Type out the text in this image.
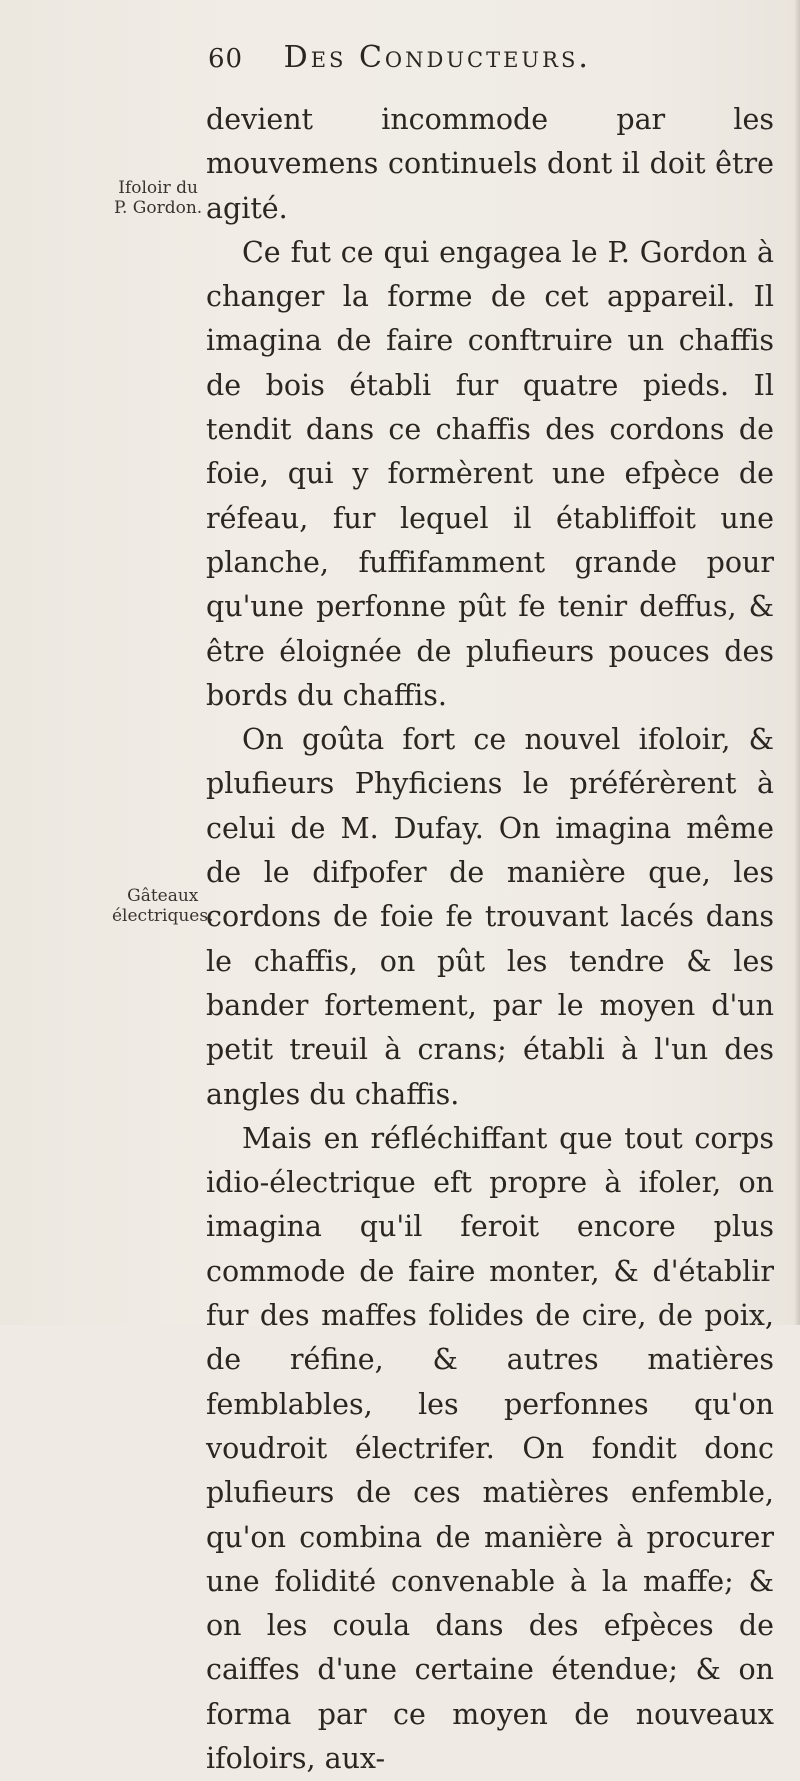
60 Des Conducteurs.
Ifoloir du
P. Gordon.
Gâteaux
électriques.

devient incommode par les mouvemens continuels dont il doit être agité.

Ce fut ce qui engagea le P. Gordon à changer la forme de cet appareil. Il imagina de faire conftruire un chaffis de bois établi fur quatre pieds. Il tendit dans ce chaffis des cordons de foie, qui y formèrent une efpèce de réfeau, fur lequel il établiffoit une planche, fuffifamment grande pour qu'une perfonne pût fe tenir deffus, & être éloignée de plufieurs pouces des bords du chaffis.

On goûta fort ce nouvel ifoloir, & plufieurs Phyficiens le préférèrent à celui de M. Dufay. On imagina même de le difpofer de manière que, les cordons de foie fe trouvant lacés dans le chaffis, on pût les tendre & les bander fortement, par le moyen d'un petit treuil à crans; établi à l'un des angles du chaffis.

Mais en réfléchiffant que tout corps idio-électrique eft propre à ifoler, on imagina qu'il feroit encore plus commode de faire monter, & d'établir fur des maffes folides de cire, de poix, de réfine, & autres matières femblables, les perfonnes qu'on voudroit électrifer. On fondit donc plufieurs de ces matières enfemble, qu'on combina de manière à procurer une folidité convenable à la maffe; & on les coula dans des efpèces de caiffes d'une certaine étendue; & on forma par ce moyen de nouveaux ifoloirs, aux-
